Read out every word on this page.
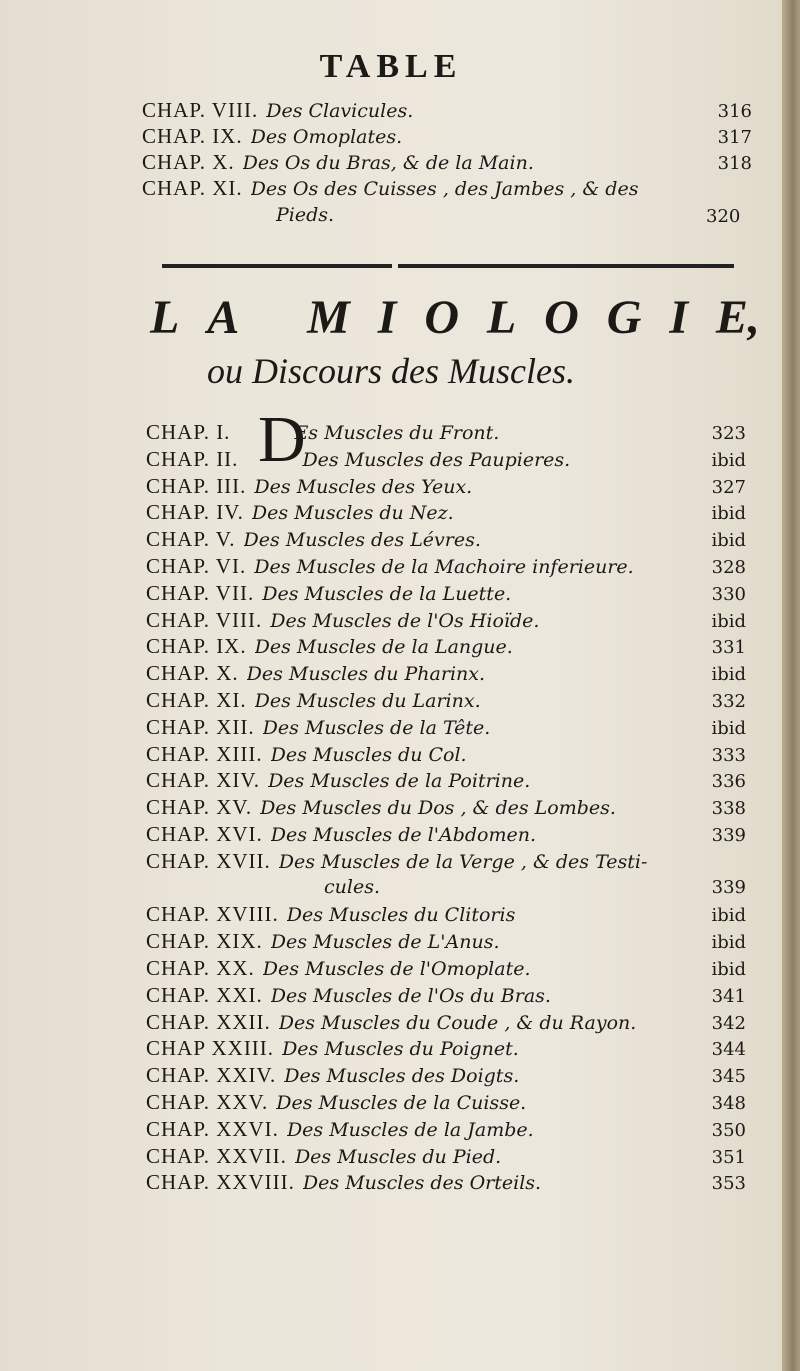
TABLE
CHAP. VIII. Des Clavicules.	316
CHAP. IX. Des Omoplates.	317
CHAP. X. Des Os du Bras, & de la Main.	318
CHAP. XI. Des Os des Cuisses , des Jambes , & des
Pieds.	320
L A M I O L O G I E,
ou Discours des Muscles.
D
CHAP. I.	Es Muscles du Front.	323
CHAP. II.	Des Muscles des Paupieres.	ibid
CHAP. III. Des Muscles des Yeux.	327
CHAP. IV. Des Muscles du Nez.	ibid
CHAP. V. Des Muscles des Lévres.	ibid
CHAP. VI. Des Muscles de la Machoire inferieure.	328
CHAP. VII. Des Muscles de la Luette.	330
CHAP. VIII. Des Muscles de l'Os Hioïde.	ibid
CHAP. IX. Des Muscles de la Langue.	331
CHAP. X. Des Muscles du Pharinx.	ibid
CHAP. XI. Des Muscles du Larinx.	332
CHAP. XII. Des Muscles de la Tête.	ibid
CHAP. XIII. Des Muscles du Col.	333
CHAP. XIV. Des Muscles de la Poitrine.	336
CHAP. XV. Des Muscles du Dos , & des Lombes.	338
CHAP. XVI. Des Muscles de l'Abdomen.	339
CHAP. XVII. Des Muscles de la Verge , & des Testi-
cules.	339
CHAP. XVIII. Des Muscles du Clitoris	ibid
CHAP. XIX. Des Muscles de L'Anus.	ibid
CHAP. XX. Des Muscles de l'Omoplate.	ibid
CHAP. XXI. Des Muscles de l'Os du Bras.	341
CHAP. XXII. Des Muscles du Coude , & du Rayon.	342
CHAP XXIII. Des Muscles du Poignet.	344
CHAP. XXIV. Des Muscles des Doigts.	345
CHAP. XXV. Des Muscles de la Cuisse.	348
CHAP. XXVI. Des Muscles de la Jambe.	350
CHAP. XXVII. Des Muscles du Pied.	351
CHAP. XXVIII. Des Muscles des Orteils.	353
